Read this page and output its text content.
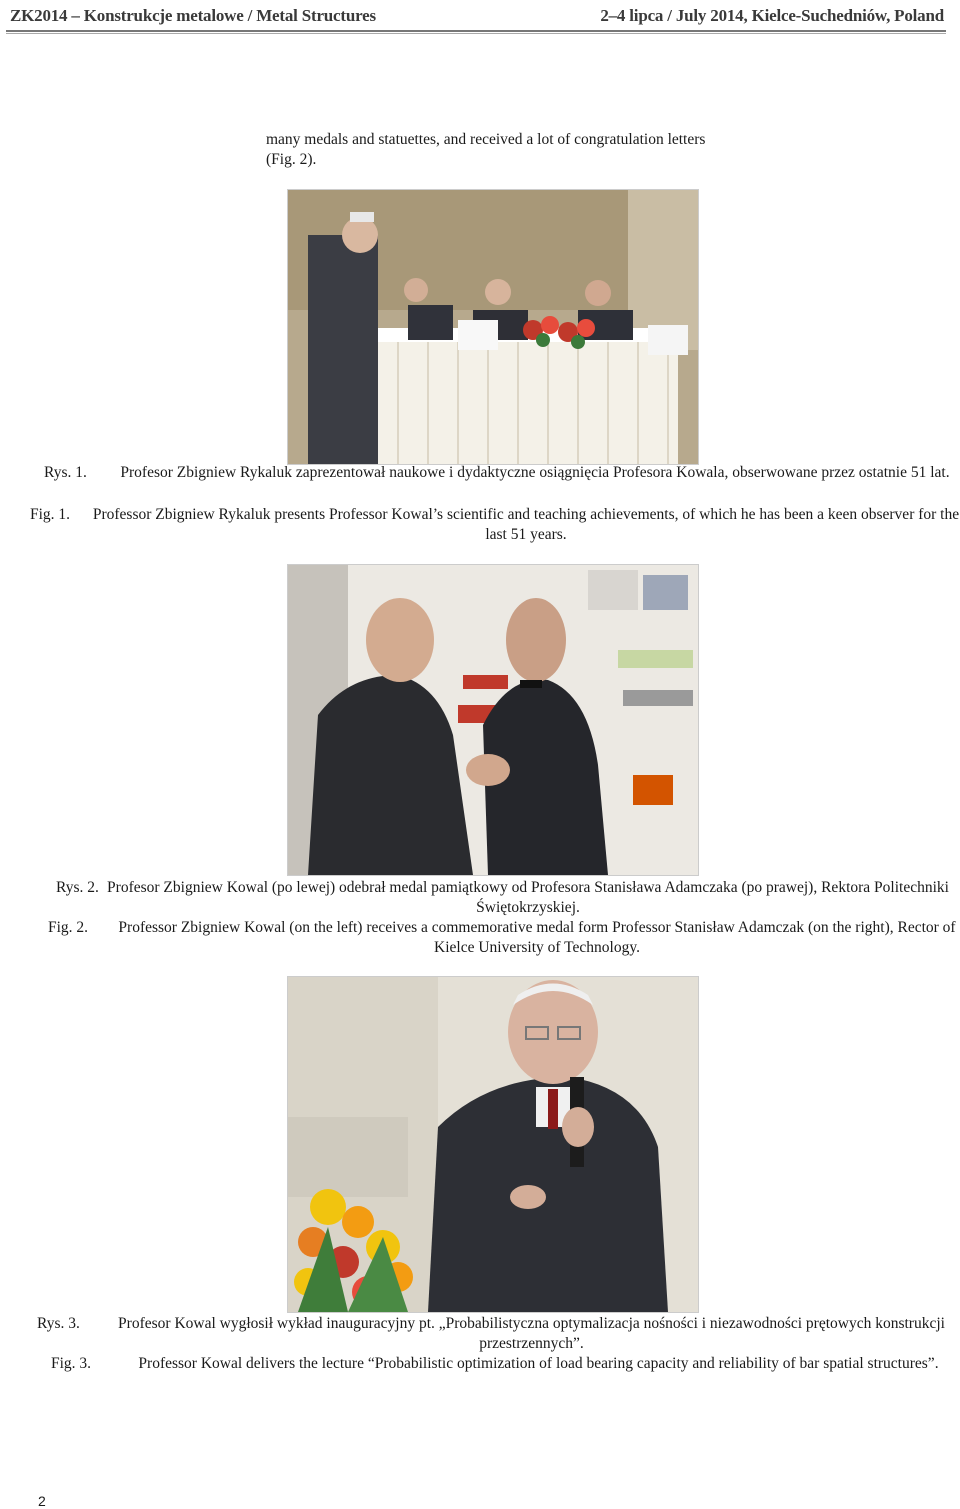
ZK2014 – Konstrukcje metalowe / Metal Structures	2–4 lipca / July 2014, Kielce-Suchedniów, Poland
many medals and statuettes, and received a lot of congratulation letters (Fig. 2).
Rys. 1.	Profesor Zbigniew Rykaluk zaprezentował naukowe i dydaktyczne osiągnięcia Profesora Kowala, obserwowane przez ostatnie 51 lat.
Fig. 1. Professor Zbigniew Rykaluk presents Professor Kowal’s scientific and teaching achievements, of which he has been a keen observer for the last 51 years.
Rys. 2. Profesor Zbigniew Kowal (po lewej) odebrał medal pamiątkowy od Profesora Stanisława Adamczaka (po prawej), Rektora Politechniki Świętokrzyskiej.
Fig. 2. Professor Zbigniew Kowal (on the left) receives a commemorative medal form Professor Stanisław Adamczak (on the right), Rector of Kielce University of Technology.
Rys. 3.	Profesor Kowal wygłosił wykład inauguracyjny pt. „Probabilistyczna optymalizacja nośności i niezawodności prętowych konstrukcji przestrzennych”.
Fig. 3.	Professor Kowal delivers the lecture “Probabilistic optimization of load bearing capacity and reliability of bar spatial structures”.
2
